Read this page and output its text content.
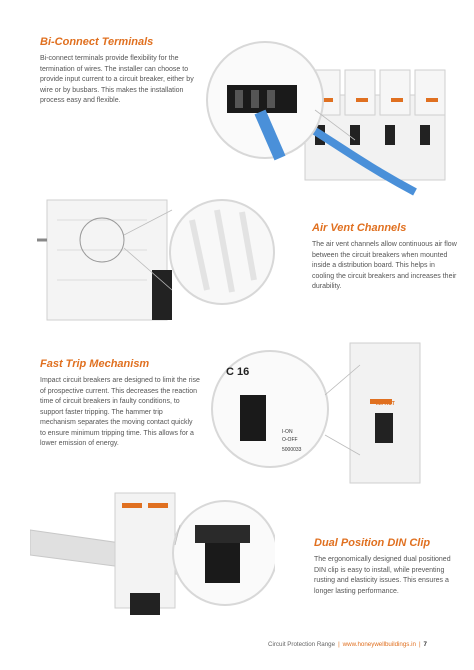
Bi-Connect Terminals

Bi-connect terminals provide flexibility for the termination of wires. The installer can choose to provide input current to a circuit breaker, either by wire or by busbars. This makes the installation process easy and flexible.

Air Vent Channels

The air vent channels allow continuous air flow between the circuit breakers when mounted inside a distribution board. This helps in cooling the circuit breakers and increases their durability.

Fast Trip Mechanism

Impact circuit breakers are designed to limit the rise of prospective current. This decreases the reaction time of circuit breakers in faulty conditions, to support faster tripping. The hammer trip mechanism separates the moving contact quickly to ensure minimum tripping time. This allows for a lower emission of energy.

C 16
I-ON
O-OFF
5000033
IMPACT
Dual Position DIN Clip

The ergonomically designed dual positioned DIN clip is easy to install, while preventing rusting and elasticity issues. This ensures a longer lasting performance.

Circuit Protection Range | www.honeywellbuildings.in | 7
